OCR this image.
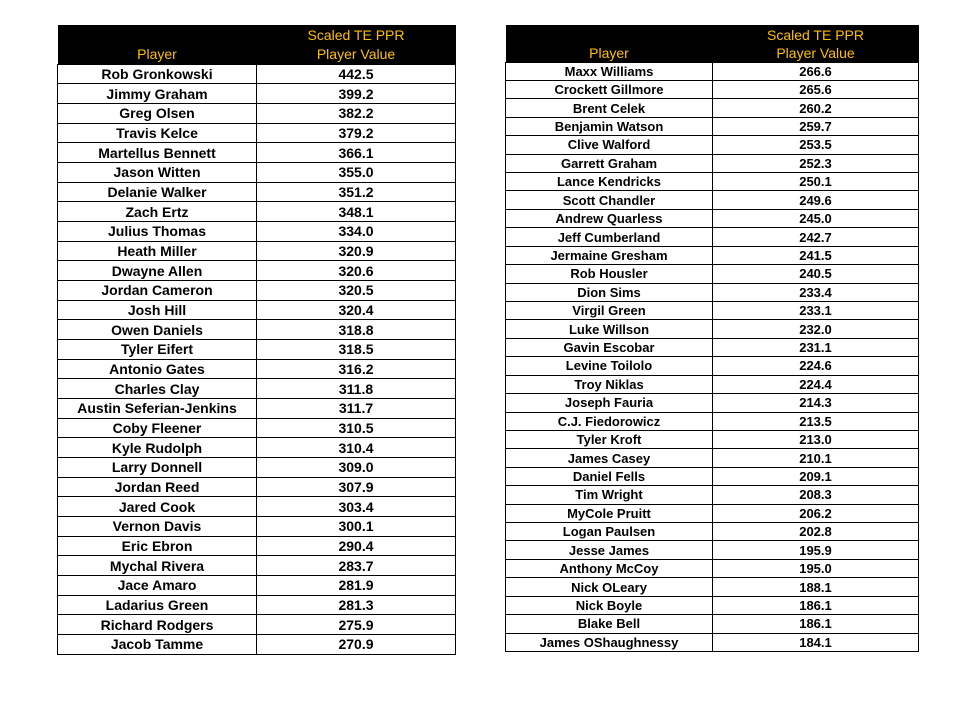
Player	Scaled TE PPR
Player Value

Rob Gronkowski	442.5
Jimmy Graham	399.2
Greg Olsen	382.2
Travis Kelce	379.2
Martellus Bennett	366.1
Jason Witten	355.0
Delanie Walker	351.2
Zach Ertz	348.1
Julius Thomas	334.0
Heath Miller	320.9
Dwayne Allen	320.6
Jordan Cameron	320.5
Josh Hill	320.4
Owen Daniels	318.8
Tyler Eifert	318.5
Antonio Gates	316.2
Charles Clay	311.8
Austin Seferian-Jenkins	311.7
Coby Fleener	310.5
Kyle Rudolph	310.4
Larry Donnell	309.0
Jordan Reed	307.9
Jared Cook	303.4
Vernon Davis	300.1
Eric Ebron	290.4
Mychal Rivera	283.7
Jace Amaro	281.9
Ladarius Green	281.3
Richard Rodgers	275.9
Jacob Tamme	270.9
Player	Scaled TE PPR
Player Value

Maxx Williams	266.6
Crockett Gillmore	265.6
Brent Celek	260.2
Benjamin Watson	259.7
Clive Walford	253.5
Garrett Graham	252.3
Lance Kendricks	250.1
Scott Chandler	249.6
Andrew Quarless	245.0
Jeff Cumberland	242.7
Jermaine Gresham	241.5
Rob Housler	240.5
Dion Sims	233.4
Virgil Green	233.1
Luke Willson	232.0
Gavin Escobar	231.1
Levine Toilolo	224.6
Troy Niklas	224.4
Joseph Fauria	214.3
C.J. Fiedorowicz	213.5
Tyler Kroft	213.0
James Casey	210.1
Daniel Fells	209.1
Tim Wright	208.3
MyCole Pruitt	206.2
Logan Paulsen	202.8
Jesse James	195.9
Anthony McCoy	195.0
Nick OLeary	188.1
Nick Boyle	186.1
Blake Bell	186.1
James OShaughnessy	184.1
